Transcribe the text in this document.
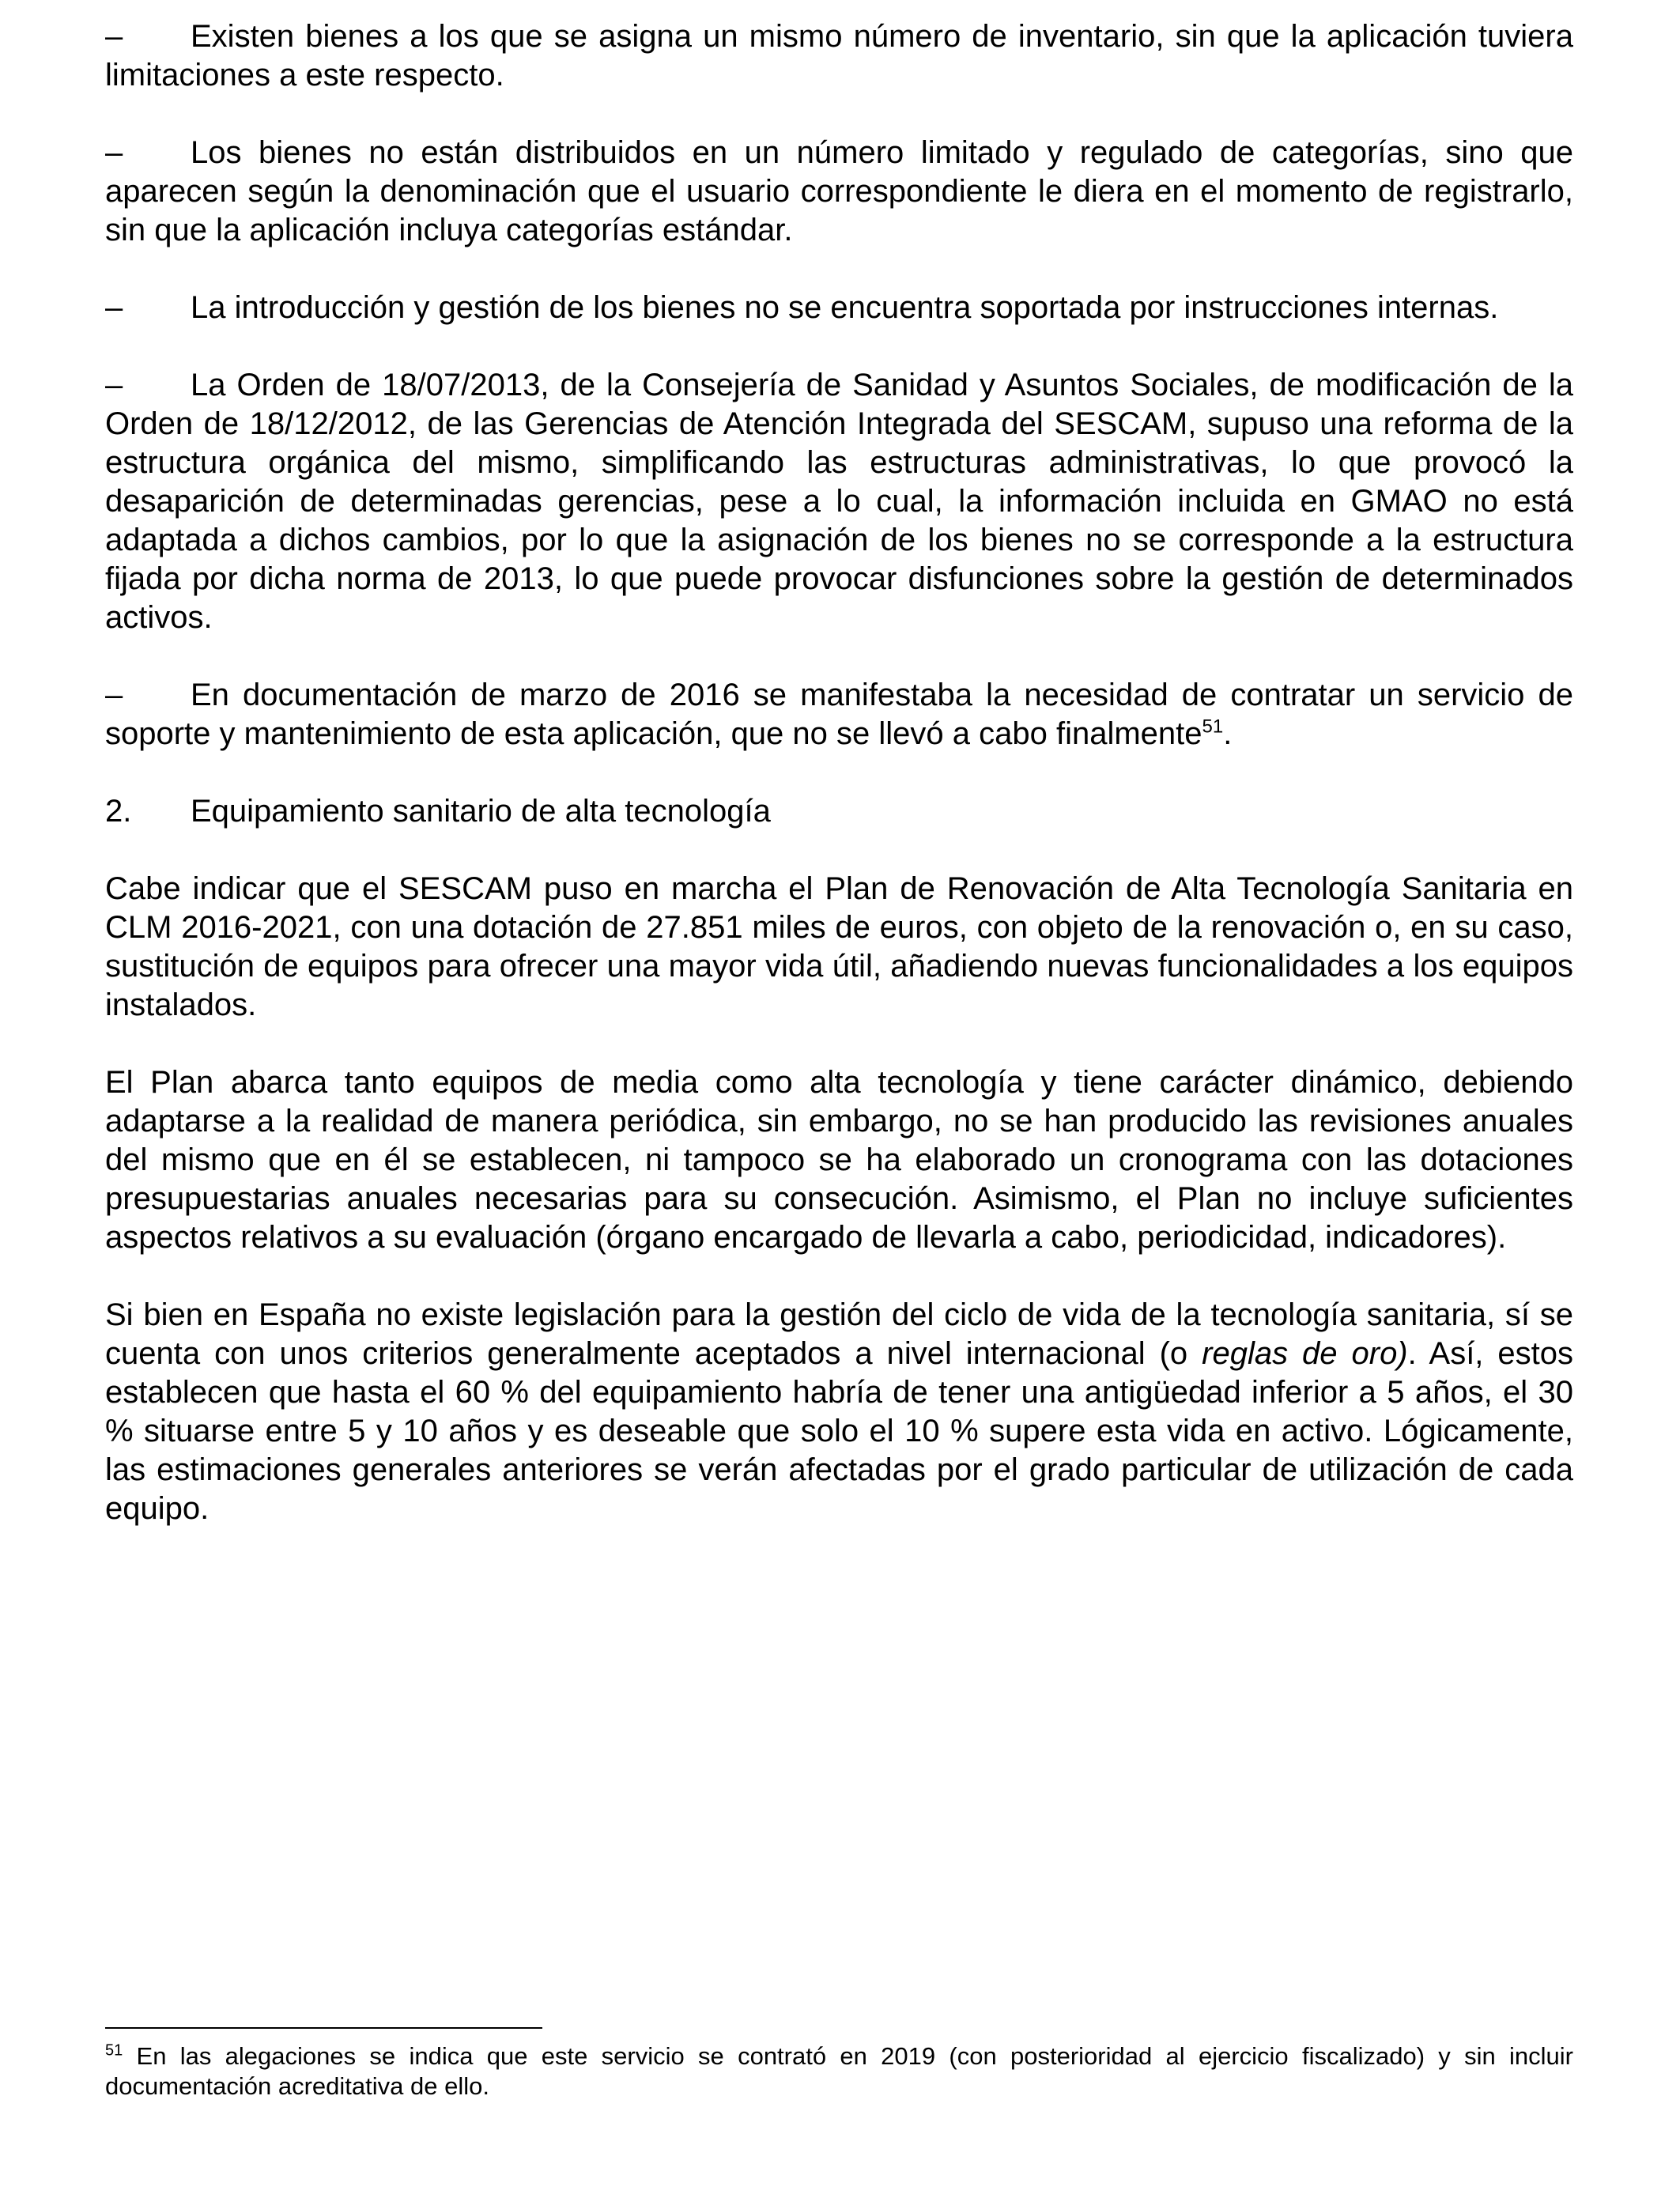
– Existen bienes a los que se asigna un mismo número de inventario, sin que la aplicación tuviera limitaciones a este respecto.

– Los bienes no están distribuidos en un número limitado y regulado de categorías, sino que aparecen según la denominación que el usuario correspondiente le diera en el momento de registrarlo, sin que la aplicación incluya categorías estándar.

– La introducción y gestión de los bienes no se encuentra soportada por instrucciones internas.

– La Orden de 18/07/2013, de la Consejería de Sanidad y Asuntos Sociales, de modificación de la Orden de 18/12/2012, de las Gerencias de Atención Integrada del SESCAM, supuso una reforma de la estructura orgánica del mismo, simplificando las estructuras administrativas, lo que provocó la desaparición de determinadas gerencias, pese a lo cual, la información incluida en GMAO no está adaptada a dichos cambios, por lo que la asignación de los bienes no se corresponde a la estructura fijada por dicha norma de 2013, lo que puede provocar disfunciones sobre la gestión de determinados activos.

– En documentación de marzo de 2016 se manifestaba la necesidad de contratar un servicio de soporte y mantenimiento de esta aplicación, que no se llevó a cabo finalmente$^{51}$.

2. Equipamiento sanitario de alta tecnología

Cabe indicar que el SESCAM puso en marcha el Plan de Renovación de Alta Tecnología Sanitaria en CLM 2016-2021, con una dotación de 27.851 miles de euros, con objeto de la renovación o, en su caso, sustitución de equipos para ofrecer una mayor vida útil, añadiendo nuevas funcionalidades a los equipos instalados.

El Plan abarca tanto equipos de media como alta tecnología y tiene carácter dinámico, debiendo adaptarse a la realidad de manera periódica, sin embargo, no se han producido las revisiones anuales del mismo que en él se establecen, ni tampoco se ha elaborado un cronograma con las dotaciones presupuestarias anuales necesarias para su consecución. Asimismo, el Plan no incluye suficientes aspectos relativos a su evaluación (órgano encargado de llevarla a cabo, periodicidad, indicadores).

Si bien en España no existe legislación para la gestión del ciclo de vida de la tecnología sanitaria, sí se cuenta con unos criterios generalmente aceptados a nivel internacional (o reglas de oro). Así, estos establecen que hasta el 60 % del equipamiento habría de tener una antigüedad inferior a 5 años, el 30 % situarse entre 5 y 10 años y es deseable que solo el 10 % supere esta vida en activo. Lógicamente, las estimaciones generales anteriores se verán afectadas por el grado particular de utilización de cada equipo.

$^{51}$ En las alegaciones se indica que este servicio se contrató en 2019 (con posterioridad al ejercicio fiscalizado) y sin incluir documentación acreditativa de ello.
